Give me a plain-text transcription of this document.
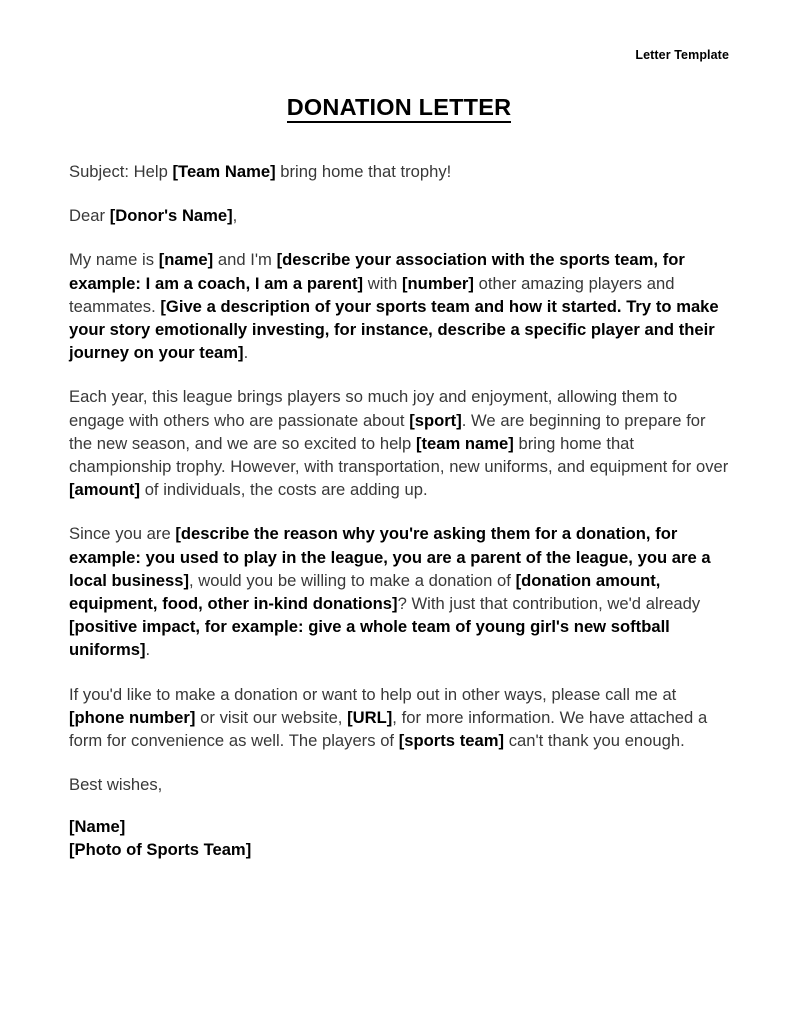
Letter Template
DONATION LETTER

Subject: Help [Team Name] bring home that trophy!

Dear [Donor's Name],

My name is [name] and I'm [describe your association with the sports team, for example: I am a coach, I am a parent] with [number] other amazing players and teammates. [Give a description of your sports team and how it started. Try to make your story emotionally investing, for instance, describe a specific player and their journey on your team].

Each year, this league brings players so much joy and enjoyment, allowing them to engage with others who are passionate about [sport]. We are beginning to prepare for the new season, and we are so excited to help [team name] bring home that championship trophy. However, with transportation, new uniforms, and equipment for over [amount] of individuals, the costs are adding up.

Since you are [describe the reason why you're asking them for a donation, for example: you used to play in the league, you are a parent of the league, you are a local business], would you be willing to make a donation of [donation amount, equipment, food, other in-kind donations]? With just that contribution, we'd already [positive impact, for example: give a whole team of young girl's new softball uniforms].

If you'd like to make a donation or want to help out in other ways, please call me at [phone number] or visit our website, [URL], for more information. We have attached a form for convenience as well. The players of [sports team] can't thank you enough.

Best wishes,

[Name]

[Photo of Sports Team]
